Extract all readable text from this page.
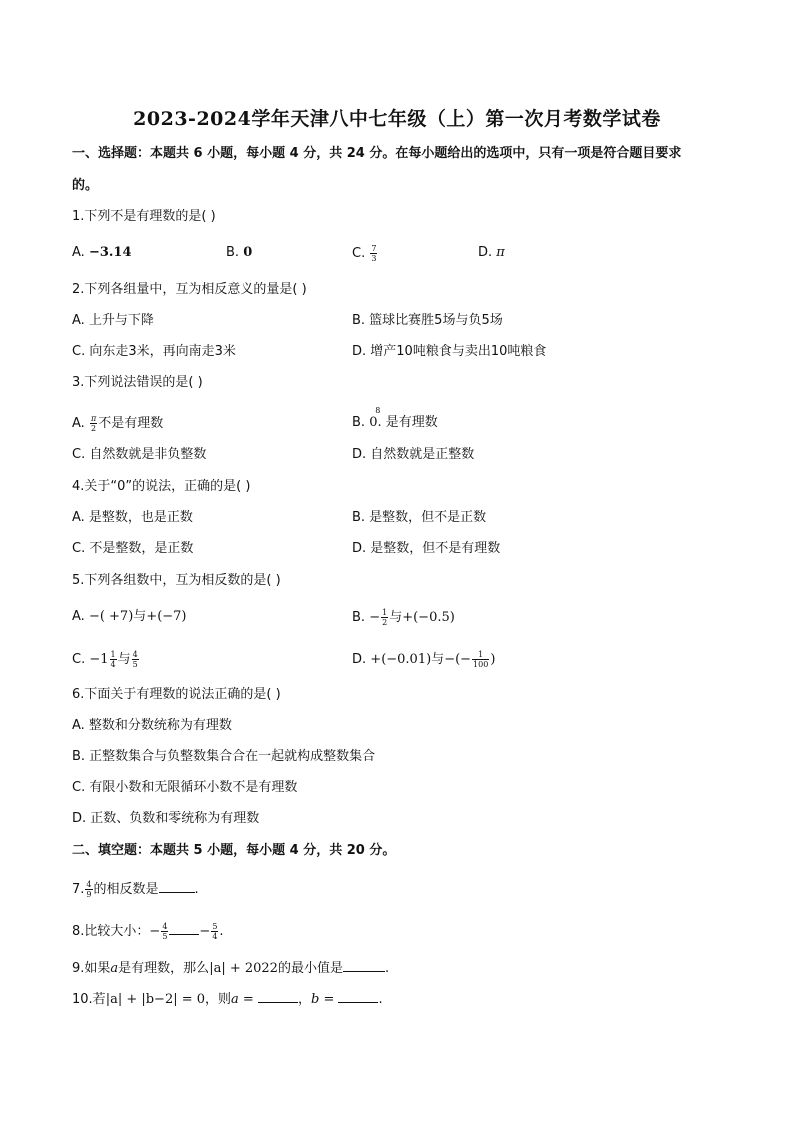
2023-2024学年天津八中七年级（上）第一次月考数学试卷
一、选择题：本题共 6 小题，每小题 4 分，共 24 分。在每小题给出的选项中，只有一项是符合题目要求
的。
1.下列不是有理数的是( )
A. −3.14	B. 0	C. $\frac{7}{3}$	D. π
2.下列各组量中，互为相反意义的量是( )
A. 上升与下降	B. 篮球比赛胜5场与负5场
C. 向东走3米，再向南走3米	D. 增产10吨粮食与卖出10吨粮食
3.下列说法错误的是( )
A. $\frac{\pi}{2}$ 不是有理数	B. 0.
8
是有理数
C. 自然数就是非负整数	D. 自然数就是正整数
4.关于“0”的说法，正确的是( )
A. 是整数，也是正数	B. 是整数，但不是正数
C. 不是整数，是正数	D. 是整数，但不是有理数
5.下列各组数中，互为相反数的是( )
A. −( +7)与+(−7)	B. − $\frac{1}{2}$ 与+(−0.5)
C. $-1 \frac{1}{4}$ 与 $\frac{4}{5}$	D. +(−0.01)与−(− $\frac{1}{100}$ )
6.下面关于有理数的说法正确的是( )
A. 整数和分数统称为有理数
B. 正整数集合与负整数集合合在一起就构成整数集合
C. 有限小数和无限循环小数不是有理数
D. 正数、负数和零统称为有理数
二、填空题：本题共 5 小题，每小题 4 分，共 20 分。
7. $\frac{4}{9}$ 的相反数是	.
8.比较大小：− $\frac{4}{5} - \frac{5}{4}$ .
9.如果a是有理数，那么|a| + 2022的最小值是	.
10.若|a| + |b−2| = 0，则a =	，b =	.
